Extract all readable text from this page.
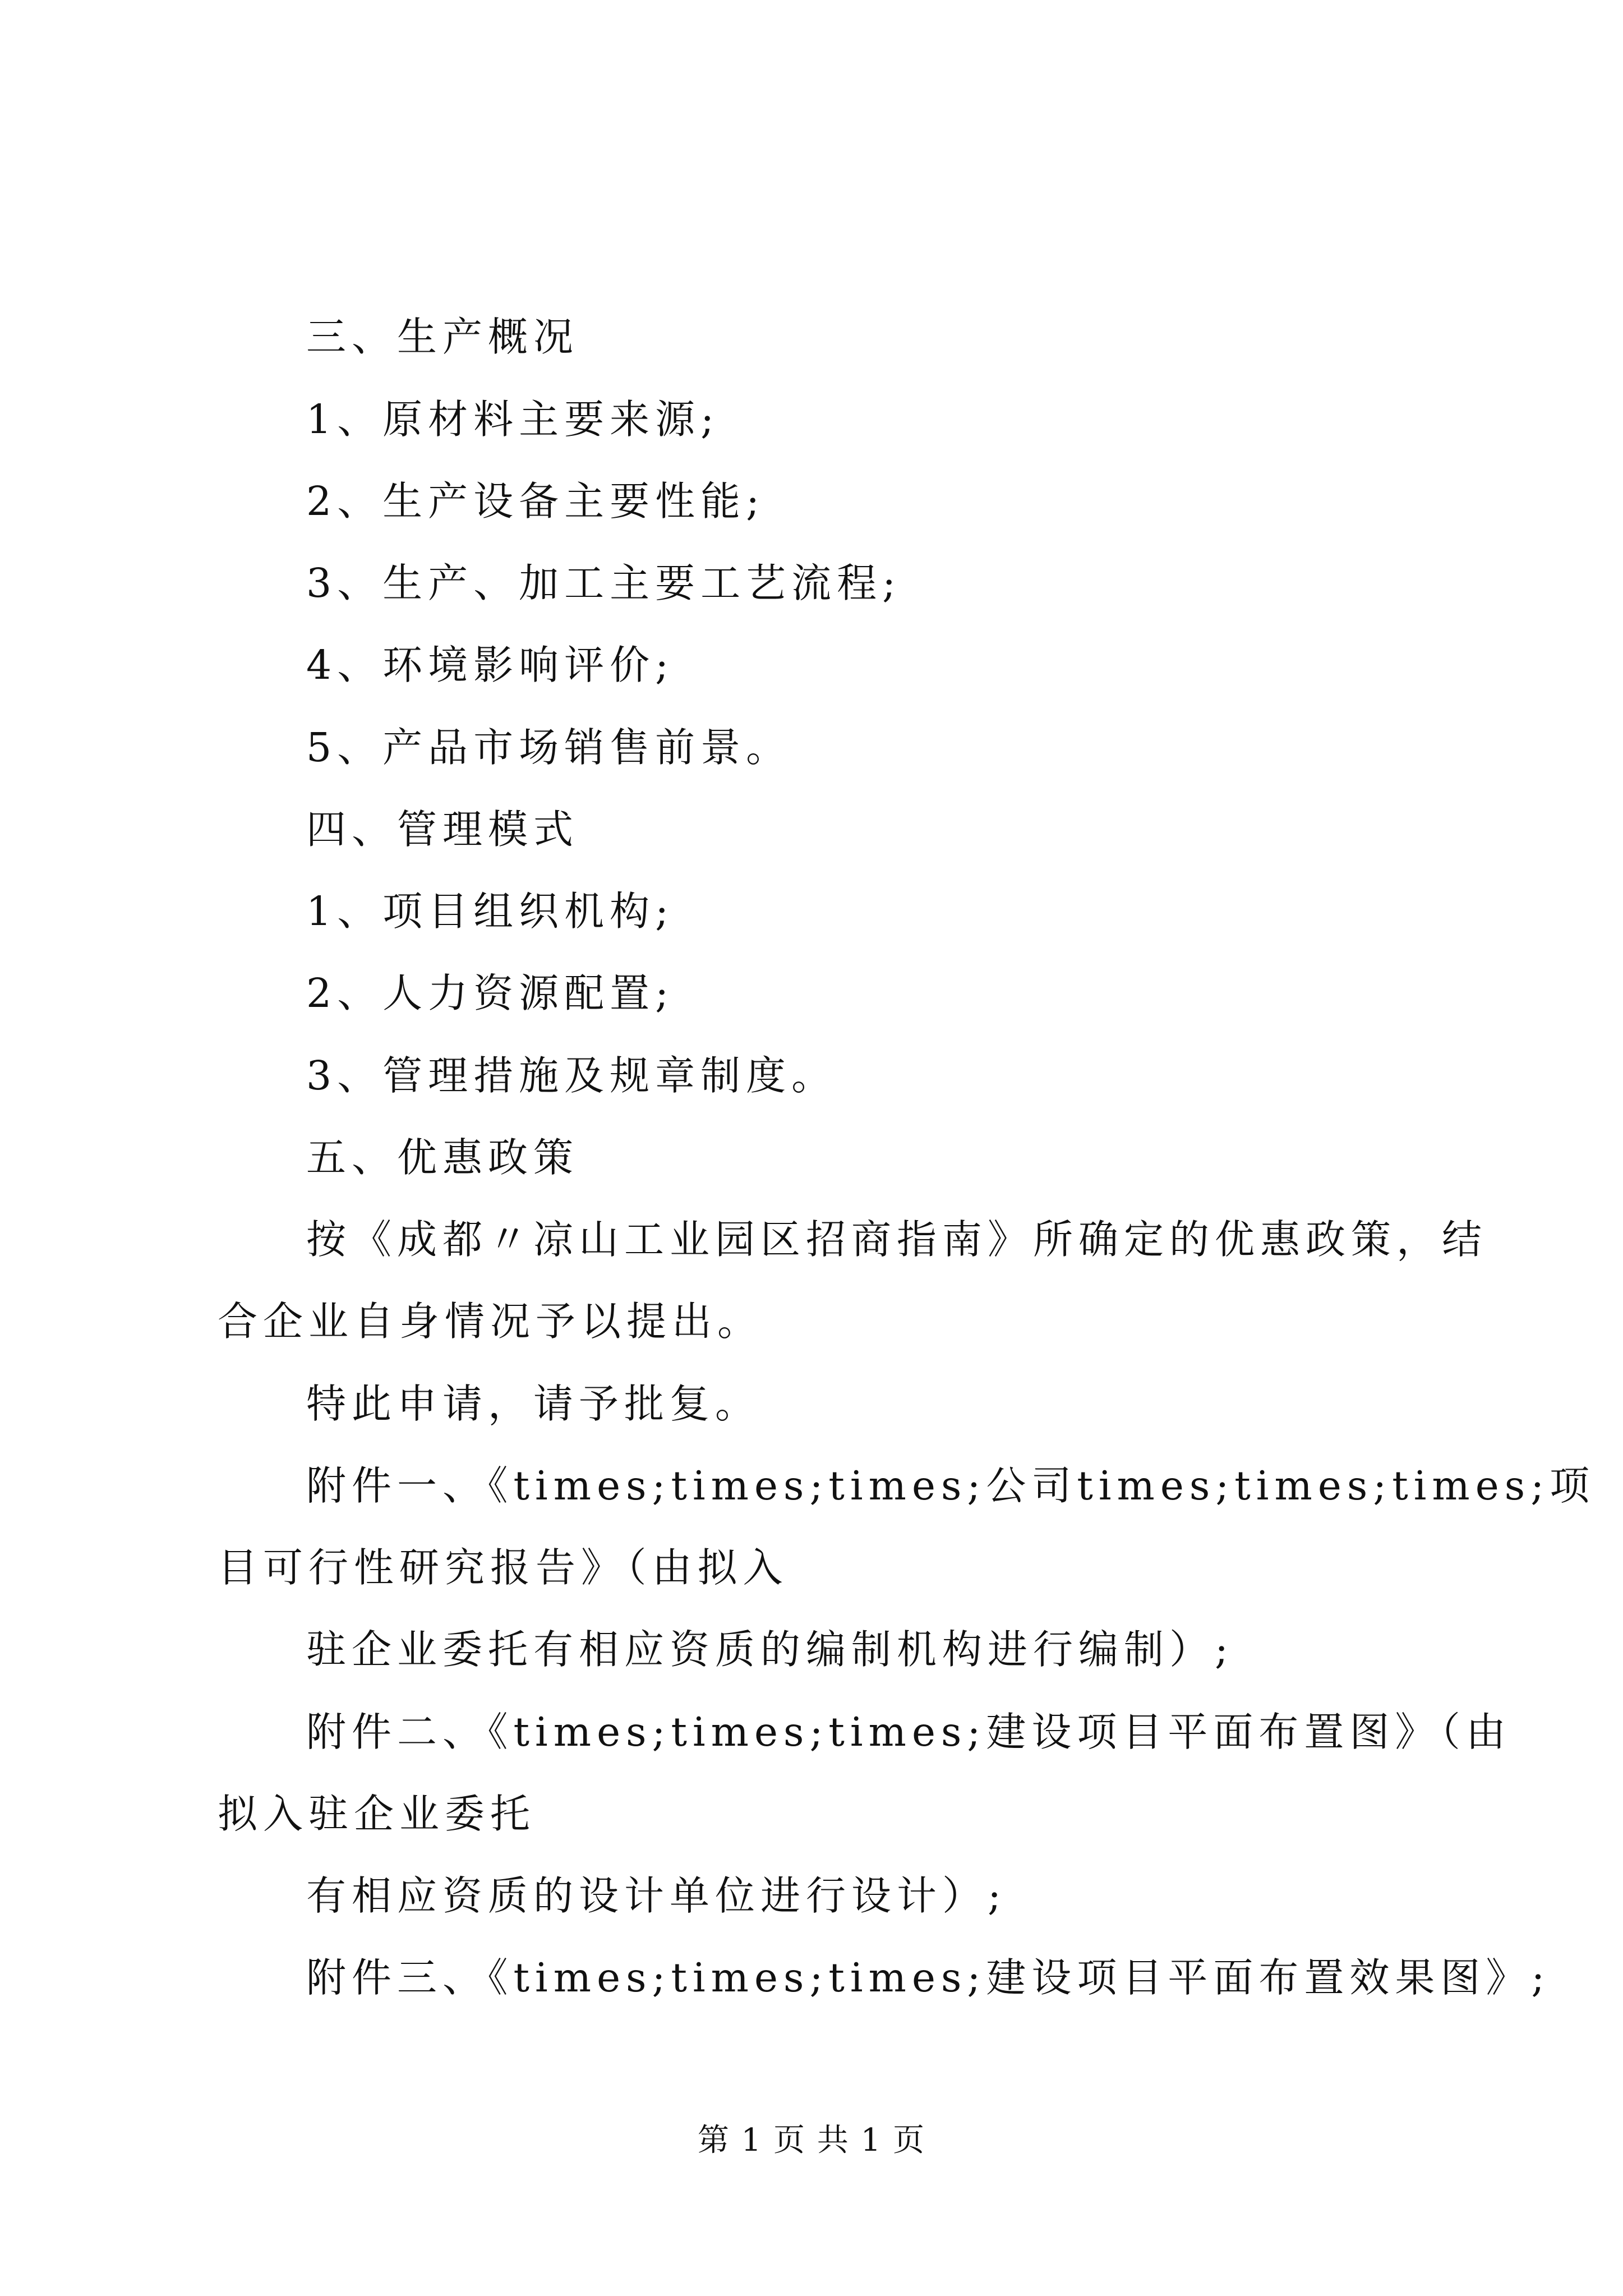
三、生产概况
1、原材料主要来源;
2、生产设备主要性能;
3、生产、加工主要工艺流程;
4、环境影响评价;
5、产品市场销售前景。
四、管理模式
1、项目组织机构;
2、人力资源配置;
3、管理措施及规章制度。
五、优惠政策
按《成都〃凉山工业园区招商指南》所确定的优惠政策，结
合企业自身情况予以提出。
特此申请，请予批复。
附件一、《times;times;times;公司times;times;times;项
目可行性研究报告》（由拟入
驻企业委托有相应资质的编制机构进行编制）;
附件二、《times;times;times;建设项目平面布置图》（由
拟入驻企业委托
有相应资质的设计单位进行设计）;
附件三、《times;times;times;建设项目平面布置效果图》;
第 1 页 共 1 页
